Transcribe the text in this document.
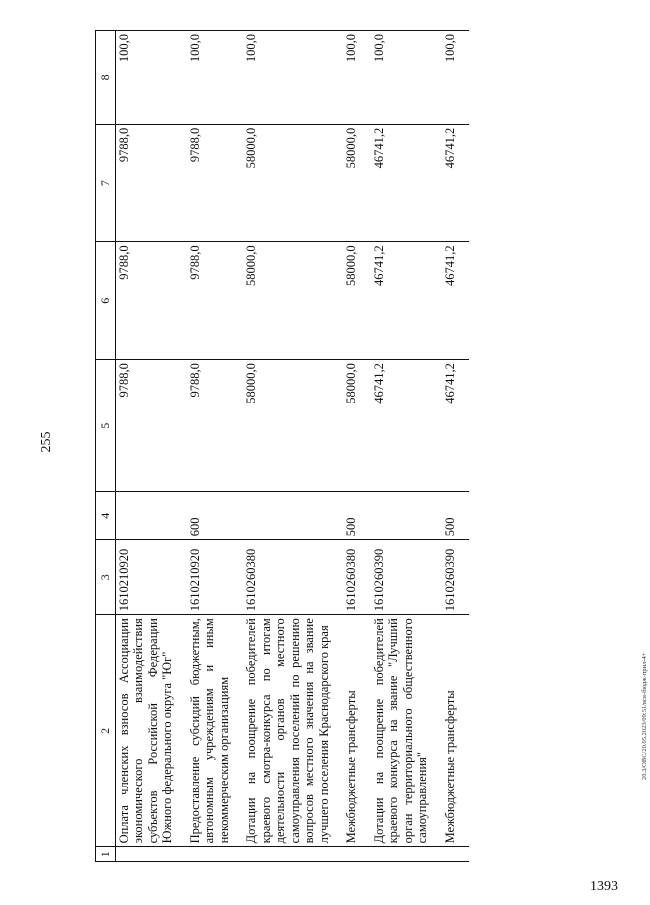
255
1	2	3	4	5	6	7	8
	Оплата членских взносов Ассоциации экономического взаимодействия субъектов Российской Федерации Южного федерального округа "Юг"	1610210920		9788,0	9788,0	9788,0	100,0
	Предоставление субсидий бюджетным, автономным учреждениям и иным некоммерческим организациям	1610210920	600	9788,0	9788,0	9788,0	100,0
	Дотации на поощрение победителей краевого смотра-конкурса по итогам деятельности органов местного самоуправления поселений по решению вопросов местного значения на звание лучшего поселения Краснодарского края	1610260380		58000,0	58000,0	58000,0	100,0
	Межбюджетные трансферты	1610260380	500	58000,0	58000,0	58000,0	100,0
	Дотации на поощрение победителей краевого конкурса на звание "Лучший орган территориального общественного самоуправления"	1610260390		46741,2	46741,2	46741,2	100,0
	Межбюджетные трансферты	1610260390	500	46741,2	46741,2	46741,2	100,0
20.3/ОВС/20.05.2023/09:51/вся-бюдж-прил-4+
1393
